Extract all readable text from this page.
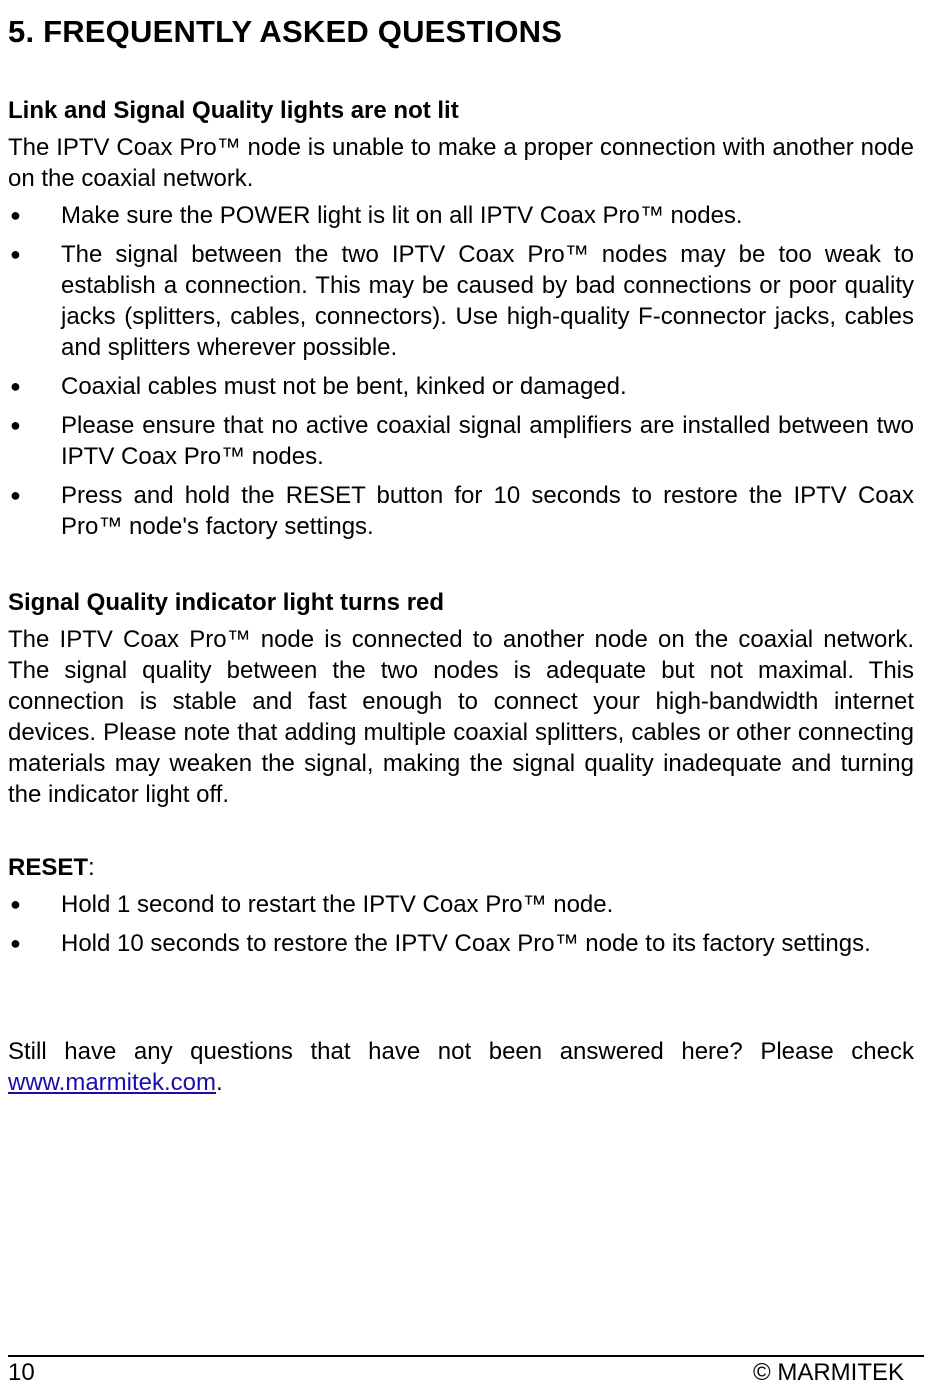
5. FREQUENTLY ASKED QUESTIONS
Link and Signal Quality lights are not lit

The IPTV Coax Pro™ node is unable to make a proper connection with another node on the coaxial network.

● Make sure the POWER light is lit on all IPTV Coax Pro™ nodes.
● The signal between the two IPTV Coax Pro™ nodes may be too weak to establish a connection. This may be caused by bad connections or poor quality jacks (splitters, cables, connectors). Use high-quality F-connector jacks, cables and splitters wherever possible.
● Coaxial cables must not be bent, kinked or damaged.
● Please ensure that no active coaxial signal amplifiers are installed between two IPTV Coax Pro™ nodes.
● Press and hold the RESET button for 10 seconds to restore the IPTV Coax Pro™ node's factory settings.
Signal Quality indicator light turns red

The IPTV Coax Pro™ node is connected to another node on the coaxial network. The signal quality between the two nodes is adequate but not maximal. This connection is stable and fast enough to connect your high-bandwidth internet devices. Please note that adding multiple coaxial splitters, cables or other connecting materials may weaken the signal, making the signal quality inadequate and turning the indicator light off.

RESET:
● Hold 1 second to restart the IPTV Coax Pro™ node.
● Hold 10 seconds to restore the IPTV Coax Pro™ node to its factory settings.

Still have any questions that have not been answered here? Please check www.marmitek.com.

10	© MARMITEK
